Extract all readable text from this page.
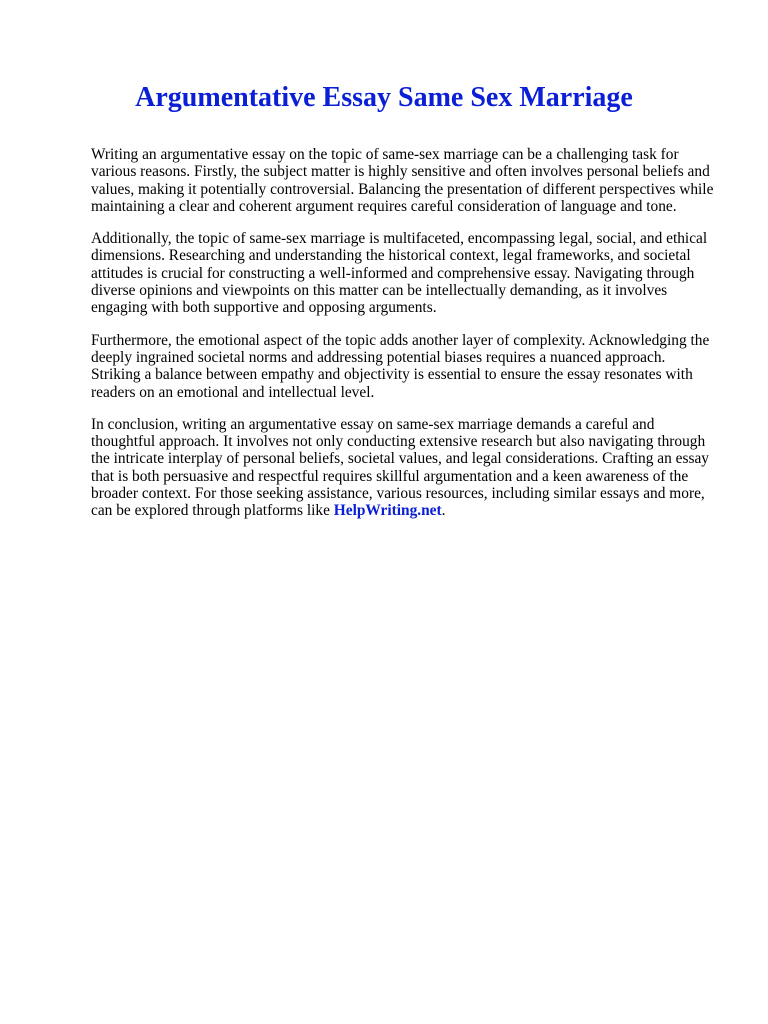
Argumentative Essay Same Sex Marriage

Writing an argumentative essay on the topic of same-sex marriage can be a challenging task for
various reasons. Firstly, the subject matter is highly sensitive and often involves personal beliefs and
values, making it potentially controversial. Balancing the presentation of different perspectives while
maintaining a clear and coherent argument requires careful consideration of language and tone.

Additionally, the topic of same-sex marriage is multifaceted, encompassing legal, social, and ethical
dimensions. Researching and understanding the historical context, legal frameworks, and societal
attitudes is crucial for constructing a well-informed and comprehensive essay. Navigating through
diverse opinions and viewpoints on this matter can be intellectually demanding, as it involves
engaging with both supportive and opposing arguments.

Furthermore, the emotional aspect of the topic adds another layer of complexity. Acknowledging the
deeply ingrained societal norms and addressing potential biases requires a nuanced approach.
Striking a balance between empathy and objectivity is essential to ensure the essay resonates with
readers on an emotional and intellectual level.

In conclusion, writing an argumentative essay on same-sex marriage demands a careful and
thoughtful approach. It involves not only conducting extensive research but also navigating through
the intricate interplay of personal beliefs, societal values, and legal considerations. Crafting an essay
that is both persuasive and respectful requires skillful argumentation and a keen awareness of the
broader context. For those seeking assistance, various resources, including similar essays and more,
can be explored through platforms like HelpWriting.net.
